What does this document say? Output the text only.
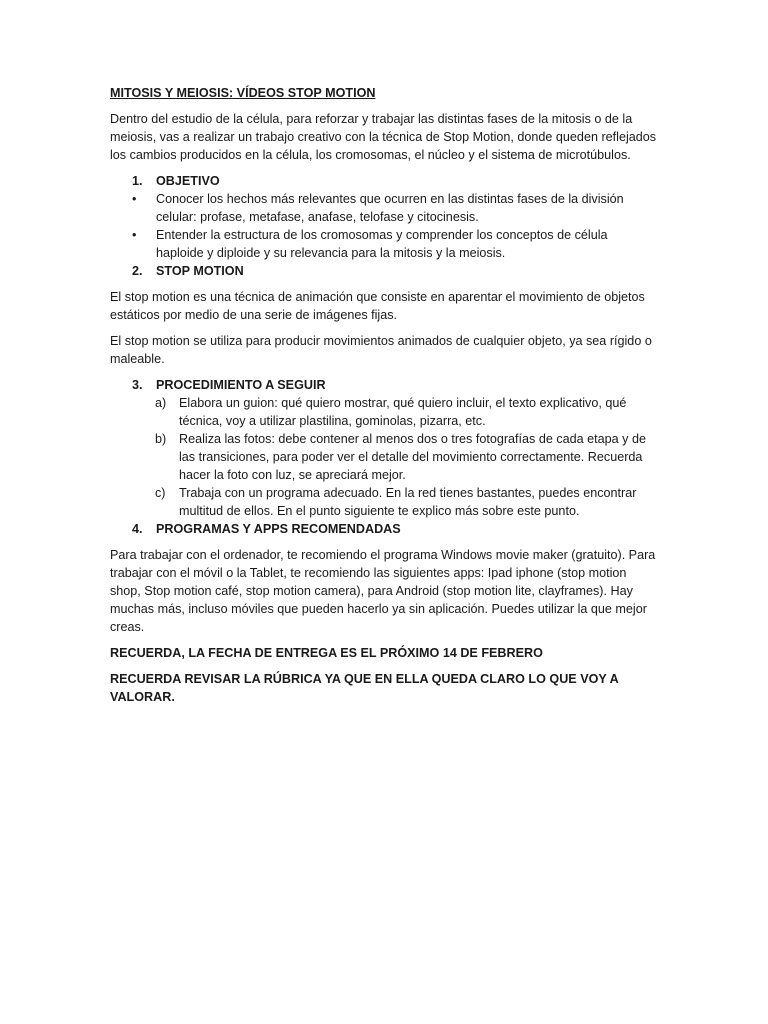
MITOSIS Y MEIOSIS: VÍDEOS STOP MOTION
Dentro del estudio de la célula, para reforzar y trabajar las distintas fases de la mitosis o de la meiosis, vas a realizar un trabajo creativo con la técnica de Stop Motion, donde queden reflejados los cambios producidos en la célula, los cromosomas, el núcleo y el sistema de microtúbulos.
1.	OBJETIVO
•	Conocer los hechos más relevantes que ocurren en las distintas fases de la división celular: profase, metafase, anafase, telofase y citocinesis.
•	Entender la estructura de los cromosomas y comprender los conceptos de célula haploide y diploide y su relevancia para la mitosis y la meiosis.
2.	STOP MOTION
El stop motion es una técnica de animación que consiste en aparentar el movimiento de objetos estáticos por medio de una serie de imágenes fijas.
El stop motion se utiliza para producir movimientos animados de cualquier objeto, ya sea rígido o maleable.
3.	PROCEDIMIENTO A SEGUIR
a)	Elabora un guion: qué quiero mostrar, qué quiero incluir, el texto explicativo, qué técnica, voy a utilizar plastilina, gominolas, pizarra, etc.
b)	Realiza las fotos: debe contener al menos dos o tres fotografías de cada etapa y de las transiciones, para poder ver el detalle del movimiento correctamente. Recuerda hacer la foto con luz, se apreciará mejor.
c)	Trabaja con un programa adecuado. En la red tienes bastantes, puedes encontrar multitud de ellos. En el punto siguiente te explico más sobre este punto.
4.	PROGRAMAS Y APPS RECOMENDADAS
Para trabajar con el ordenador, te recomiendo el programa Windows movie maker (gratuito). Para trabajar con el móvil o la Tablet, te recomiendo las siguientes apps: Ipad iphone (stop motion shop, Stop motion café, stop motion camera), para Android (stop motion lite, clayframes). Hay muchas más, incluso móviles que pueden hacerlo ya sin aplicación. Puedes utilizar la que mejor creas.
RECUERDA, LA FECHA DE ENTREGA ES EL PRÓXIMO 14 DE FEBRERO
RECUERDA REVISAR LA RÚBRICA YA QUE EN ELLA QUEDA CLARO LO QUE VOY A VALORAR.
